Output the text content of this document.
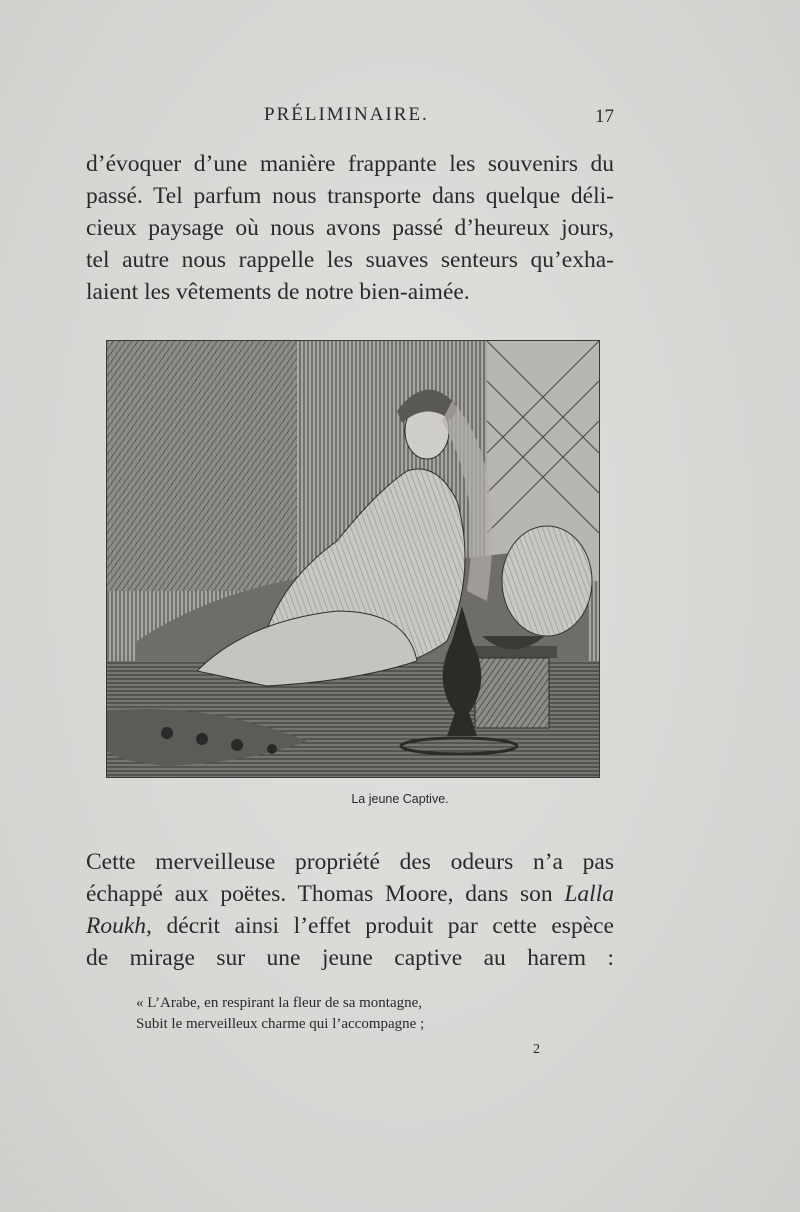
PRÉLIMINAIRE.	17
d’évoquer d’une manière frappante les souvenirs du
passé. Tel parfum nous transporte dans quelque déli-
cieux paysage où nous avons passé d’heureux jours,
tel autre nous rappelle les suaves senteurs qu’exha-
laient les vêtements de notre bien-aimée.
La jeune Captive.
Cette merveilleuse propriété des odeurs n’a pas
échappé aux poëtes. Thomas Moore, dans son Lalla
Roukh, décrit ainsi l’effet produit par cette espèce
de mirage sur une jeune captive au harem :
« L’Arabe, en respirant la fleur de sa montagne,
Subit le merveilleux charme qui l’accompagne ;
2
